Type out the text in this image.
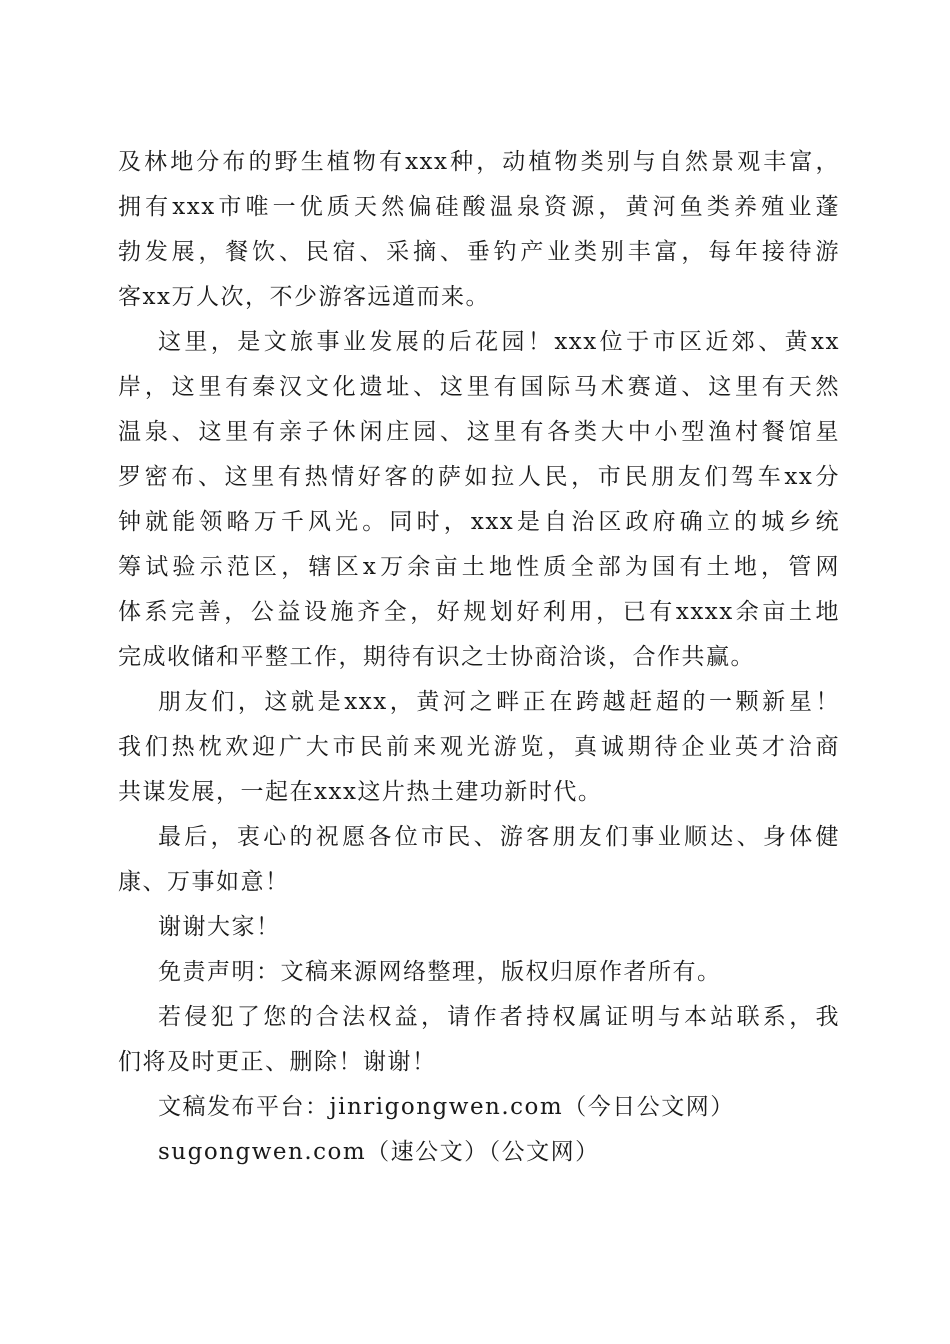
及林地分布的野生植物有xxx种，动植物类别与自然景观丰富，
拥有xxx市唯一优质天然偏硅酸温泉资源，黄河鱼类养殖业蓬
勃发展，餐饮、民宿、采摘、垂钓产业类别丰富，每年接待游
客xx万人次，不少游客远道而来。
这里，是文旅事业发展的后花园！xxx位于市区近郊、黄xx
岸，这里有秦汉文化遗址、这里有国际马术赛道、这里有天然
温泉、这里有亲子休闲庄园、这里有各类大中小型渔村餐馆星
罗密布、这里有热情好客的萨如拉人民，市民朋友们驾车xx分
钟就能领略万千风光。同时，xxx是自治区政府确立的城乡统
筹试验示范区，辖区x万余亩土地性质全部为国有土地，管网
体系完善，公益设施齐全，好规划好利用，已有xxxx余亩土地
完成收储和平整工作，期待有识之士协商洽谈，合作共赢。
朋友们，这就是xxx，黄河之畔正在跨越赶超的一颗新星！
我们热枕欢迎广大市民前来观光游览，真诚期待企业英才洽商
共谋发展，一起在xxx这片热土建功新时代。
最后，衷心的祝愿各位市民、游客朋友们事业顺达、身体健
康、万事如意！
谢谢大家！
免责声明：文稿来源网络整理，版权归原作者所有。
若侵犯了您的合法权益，请作者持权属证明与本站联系，我
们将及时更正、删除！谢谢！
文稿发布平台：jinrigongwen.com（今日公文网）
sugongwen.com（速公文）（公文网）
